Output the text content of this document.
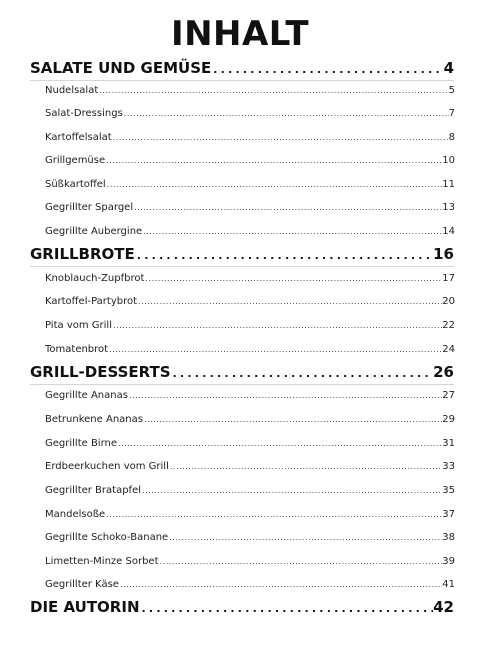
INHALT
SALATE UND GEMÜSE . . .	4
Nudelsalat . . .	5
Salat-Dressings . . .	7
Kartoffelsalat . . .	8
Grillgemüse . . .	10
Süßkartoffel . . .	11
Gegrillter Spargel . . .	13
Gegrillte Aubergine . . .	14
GRILLBROTE . . .	16
Knoblauch-Zupfbrot . . .	17
Kartoffel-Partybrot . . .	20
Pita vom Grill . . .	22
Tomatenbrot . . .	24
GRILL-DESSERTS . . .	26
Gegrillte Ananas . . .	27
Betrunkene Ananas . . .	29
Gegrillte Birne . . .	31
Erdbeerkuchen vom Grill . . .	33
Gegrillter Bratapfel . . .	35
Mandelsoße . . .	37
Gegrillte Schoko-Banane . . .	38
Limetten-Minze Sorbet . . .	39
Gegrillter Käse . . .	41
DIE AUTORIN . . .	42
